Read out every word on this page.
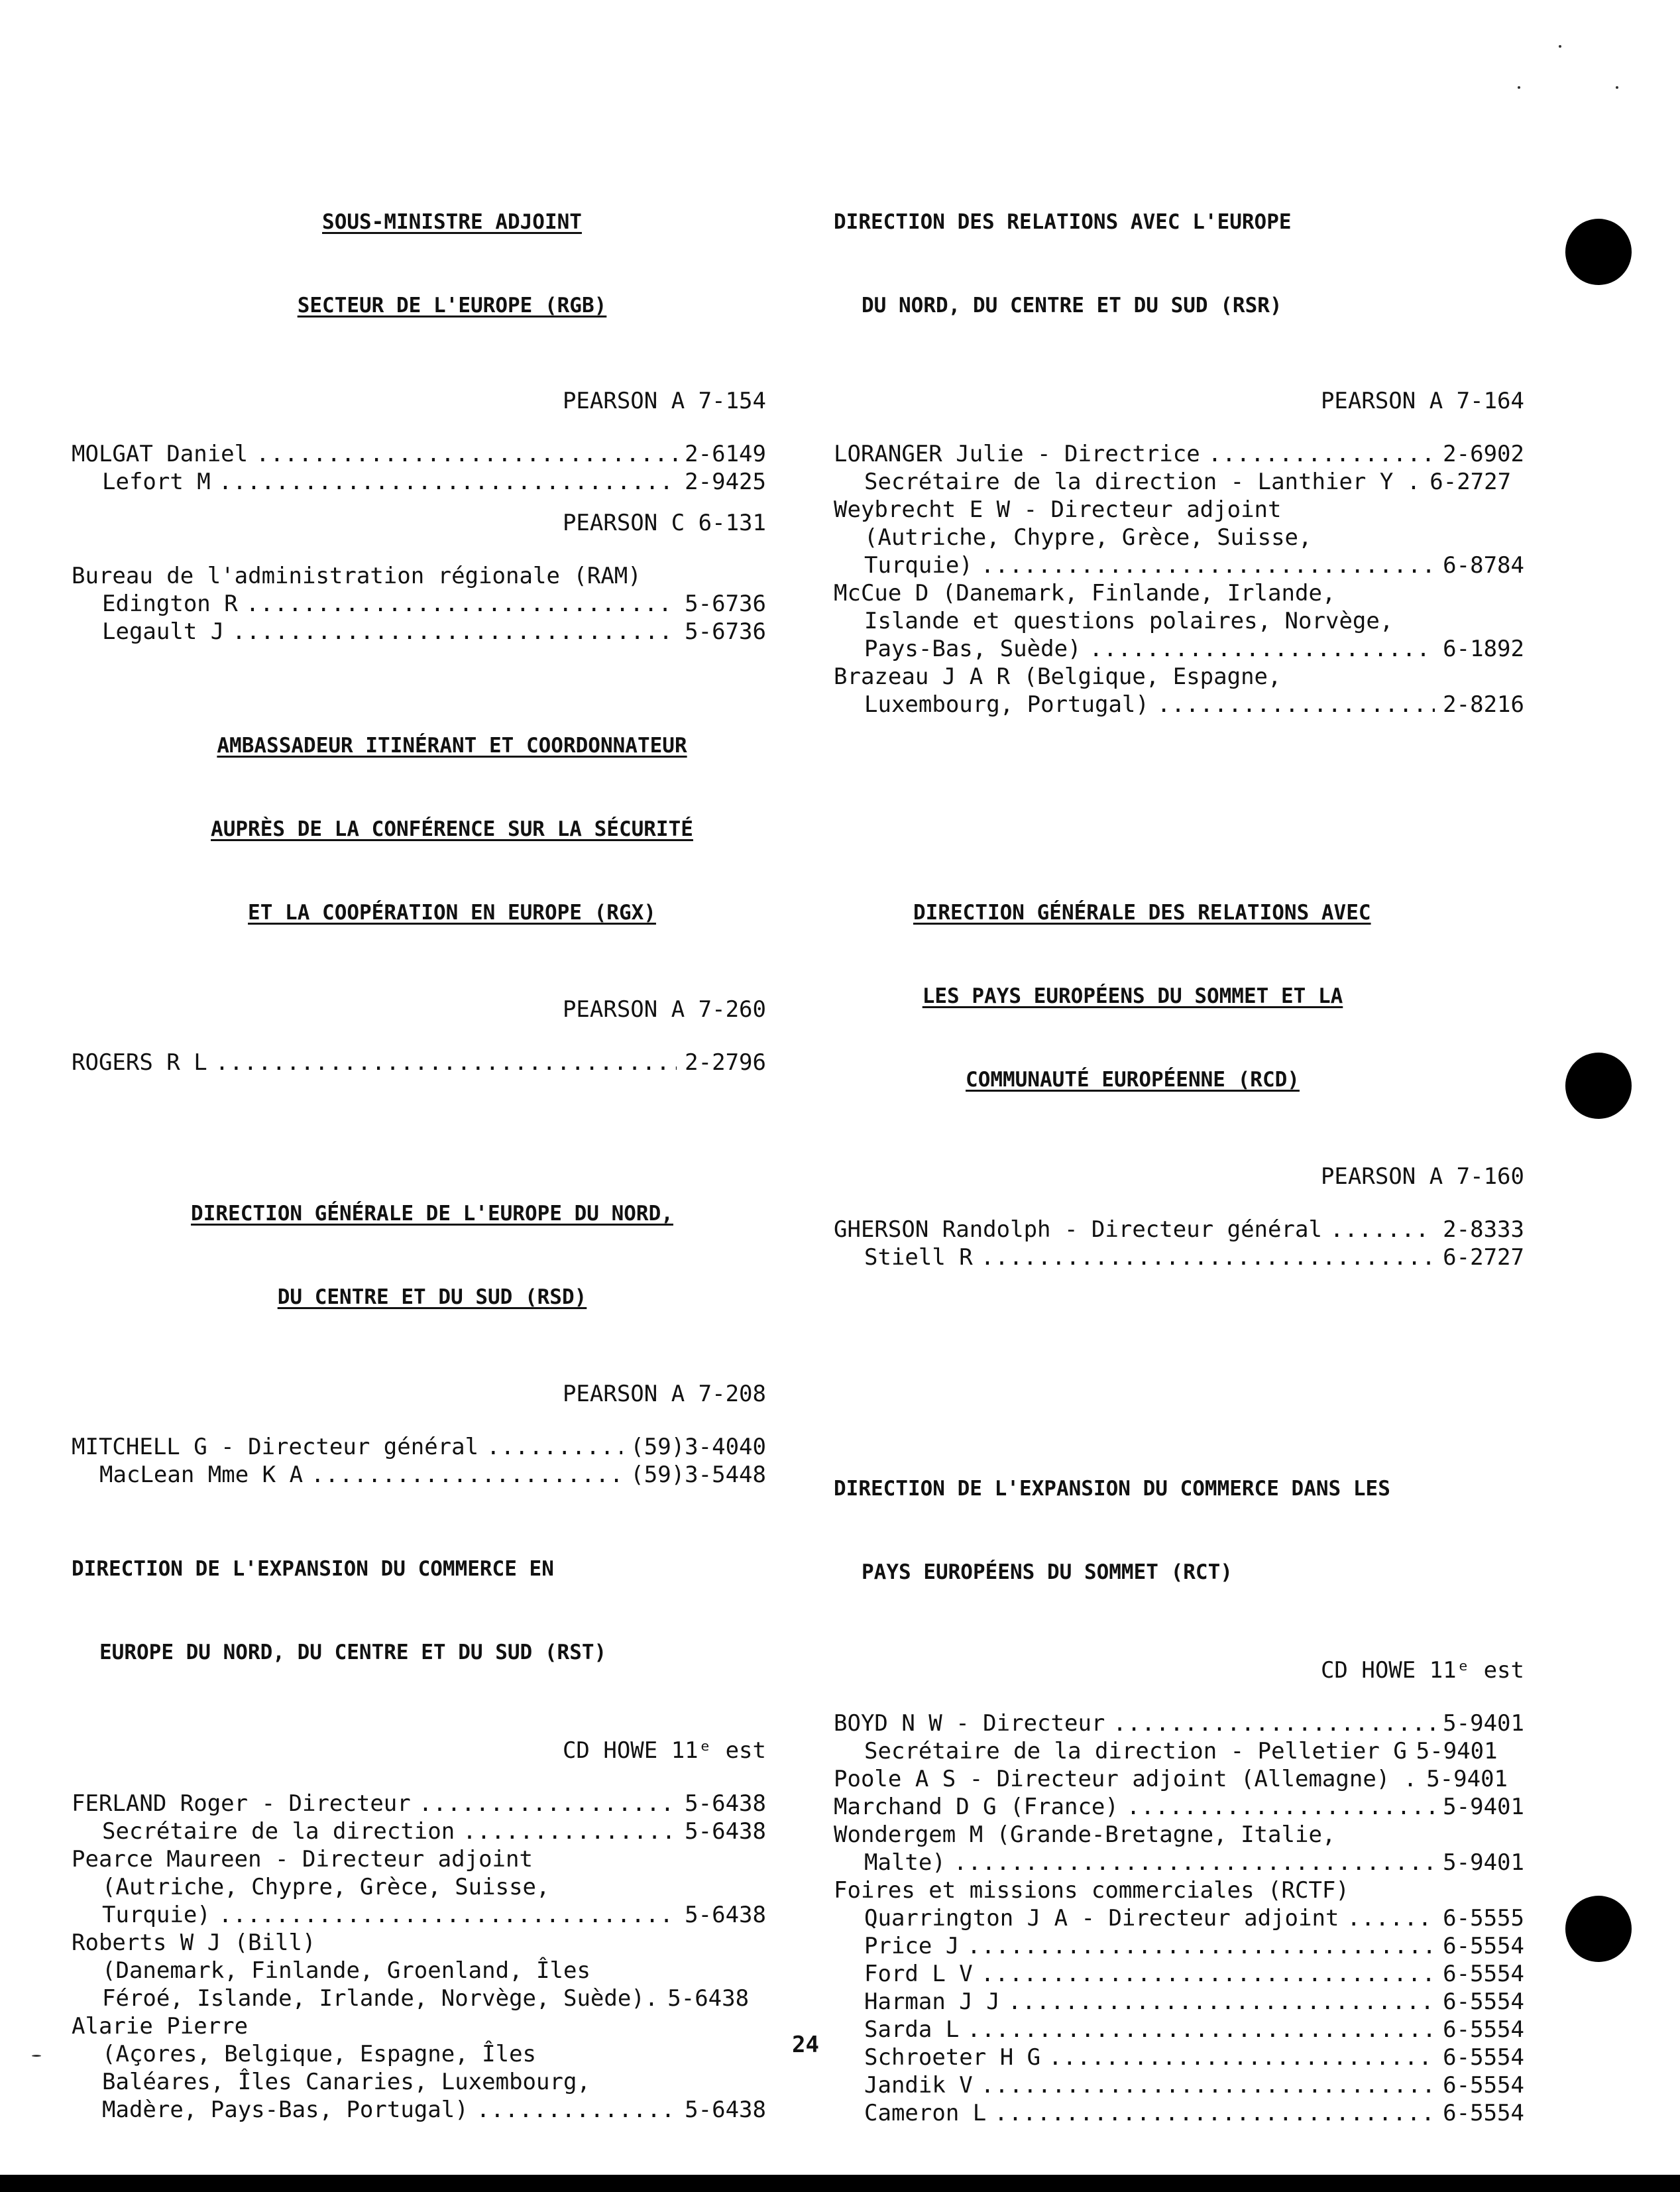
SOUS-MINISTRE ADJOINT

SECTEUR DE L'EUROPE (RGB)

PEARSON A 7-154
MOLGAT Daniel .....	2-6149
Lefort M .....	2-9425
PEARSON C 6-131
Bureau de l'administration régionale (RAM)
Edington R .....	5-6736
Legault J .....	5-6736

AMBASSADEUR ITINÉRANT ET COORDONNATEUR

AUPRÈS DE LA CONFÉRENCE SUR LA SÉCURITÉ

ET LA COOPÉRATION EN EUROPE (RGX)

PEARSON A 7-260
ROGERS R L .....	2-2796

DIRECTION GÉNÉRALE DE L'EUROPE DU NORD,

DU CENTRE ET DU SUD (RSD)

PEARSON A 7-208
MITCHELL G - Directeur général .....	(59)3-4040
MacLean Mme K A .....	(59)3-5448

DIRECTION DE L'EXPANSION DU COMMERCE EN

EUROPE DU NORD, DU CENTRE ET DU SUD (RST)

CD HOWE 11ᵉ est
FERLAND Roger - Directeur .....	5-6438
Secrétaire de la direction .....	5-6438
Pearce Maureen - Directeur adjoint
(Autriche, Chypre, Grèce, Suisse,
Turquie) .....	5-6438
Roberts W J (Bill)
(Danemark, Finlande, Groenland, Îles
Féroé, Islande, Irlande, Norvège, Suède). 5-6438
Alarie Pierre
(Açores, Belgique, Espagne, Îles
Baléares, Îles Canaries, Luxembourg,
Madère, Pays-Bas, Portugal) .....	5-6438

DIRECTION DES RELATIONS AVEC L'EUROPE

DU NORD, DU CENTRE ET DU SUD (RSR)

PEARSON A 7-164
LORANGER Julie - Directrice .....	2-6902
Secrétaire de la direction - Lanthier Y . 6-2727
Weybrecht E W - Directeur adjoint
(Autriche, Chypre, Grèce, Suisse,
Turquie) .....	6-8784
McCue D (Danemark, Finlande, Irlande,
Islande et questions polaires, Norvège,
Pays-Bas, Suède) .....	6-1892
Brazeau J A R (Belgique, Espagne,
Luxembourg, Portugal) .....	2-8216

DIRECTION GÉNÉRALE DES RELATIONS AVEC

LES PAYS EUROPÉENS DU SOMMET ET LA

COMMUNAUTÉ EUROPÉENNE (RCD)

PEARSON A 7-160
GHERSON Randolph - Directeur général .....	2-8333
Stiell R .....	6-2727

DIRECTION DE L'EXPANSION DU COMMERCE DANS LES

PAYS EUROPÉENS DU SOMMET (RCT)

CD HOWE 11ᵉ est
BOYD N W - Directeur .....	5-9401
Secrétaire de la direction - Pelletier G 5-9401
Poole A S - Directeur adjoint (Allemagne) . 5-9401
Marchand D G (France) .....	5-9401
Wondergem M (Grande-Bretagne, Italie,
Malte) .....	5-9401
Foires et missions commerciales (RCTF)
Quarrington J A - Directeur adjoint .....	6-5555
Price J .....	6-5554
Ford L V .....	6-5554
Harman J J .....	6-5554
Sarda L .....	6-5554
Schroeter H G .....	6-5554
Jandik V .....	6-5554
Cameron L .....	6-5554
24
